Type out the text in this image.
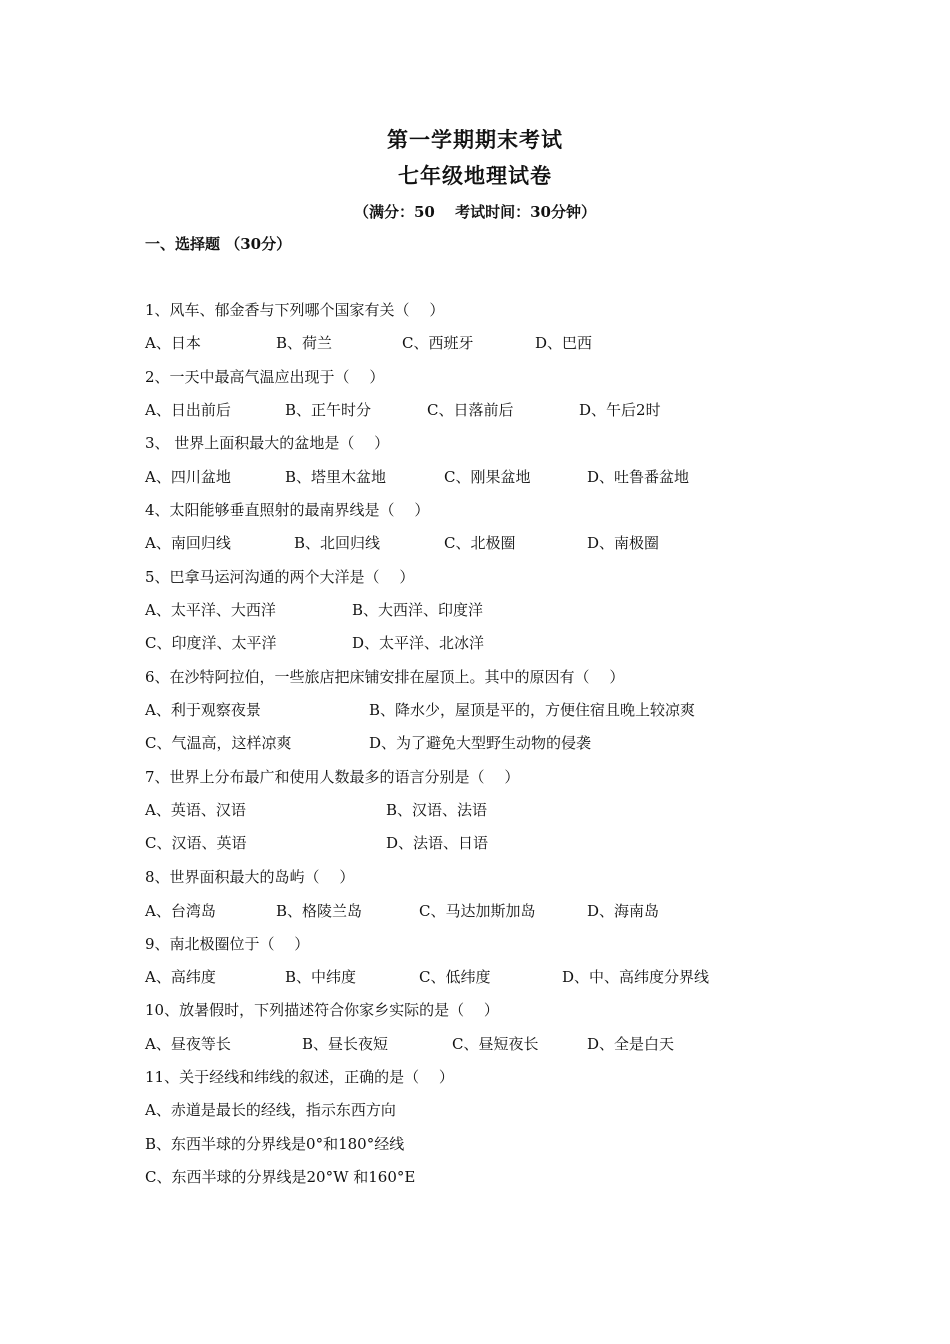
第一学期期末考试
七年级地理试卷
（满分：50　 考试时间：30分钟）
一、选择题 （30分）
1、风车、郁金香与下列哪个国家有关（　 ）
A、日本	B、荷兰	C、西班牙	D、巴西
2、一天中最高气温应出现于（　 ）
A、日出前后	B、正午时分	C、日落前后	D、午后2时
3、 世界上面积最大的盆地是（　 ）
A、四川盆地	B、塔里木盆地	C、刚果盆地	D、吐鲁番盆地
4、太阳能够垂直照射的最南界线是（　 ）
A、南回归线	B、北回归线	C、北极圈	D、南极圈
5、巴拿马运河沟通的两个大洋是（　 ）
A、太平洋、大西洋	B、大西洋、印度洋
C、印度洋、太平洋	D、太平洋、北冰洋
6、在沙特阿拉伯，一些旅店把床铺安排在屋顶上。其中的原因有（　 ）
A、利于观察夜景	B、降水少，屋顶是平的，方便住宿且晚上较凉爽
C、气温高，这样凉爽	D、为了避免大型野生动物的侵袭
7、世界上分布最广和使用人数最多的语言分别是（　 ）
A、英语、汉语	B、汉语、法语
C、汉语、英语	D、法语、日语
8、世界面积最大的岛屿（　 ）
A、台湾岛	B、格陵兰岛	C、马达加斯加岛	D、海南岛
9、南北极圈位于（　 ）
A、高纬度	B、中纬度	C、低纬度	D、中、高纬度分界线
10、放暑假时，下列描述符合你家乡实际的是（　 ）
A、昼夜等长	B、昼长夜短	C、昼短夜长	D、全是白天
11、关于经线和纬线的叙述，正确的是（　 ）
A、赤道是最长的经线，指示东西方向
B、东西半球的分界线是0°和180°经线
C、东西半球的分界线是20°W 和160°E
